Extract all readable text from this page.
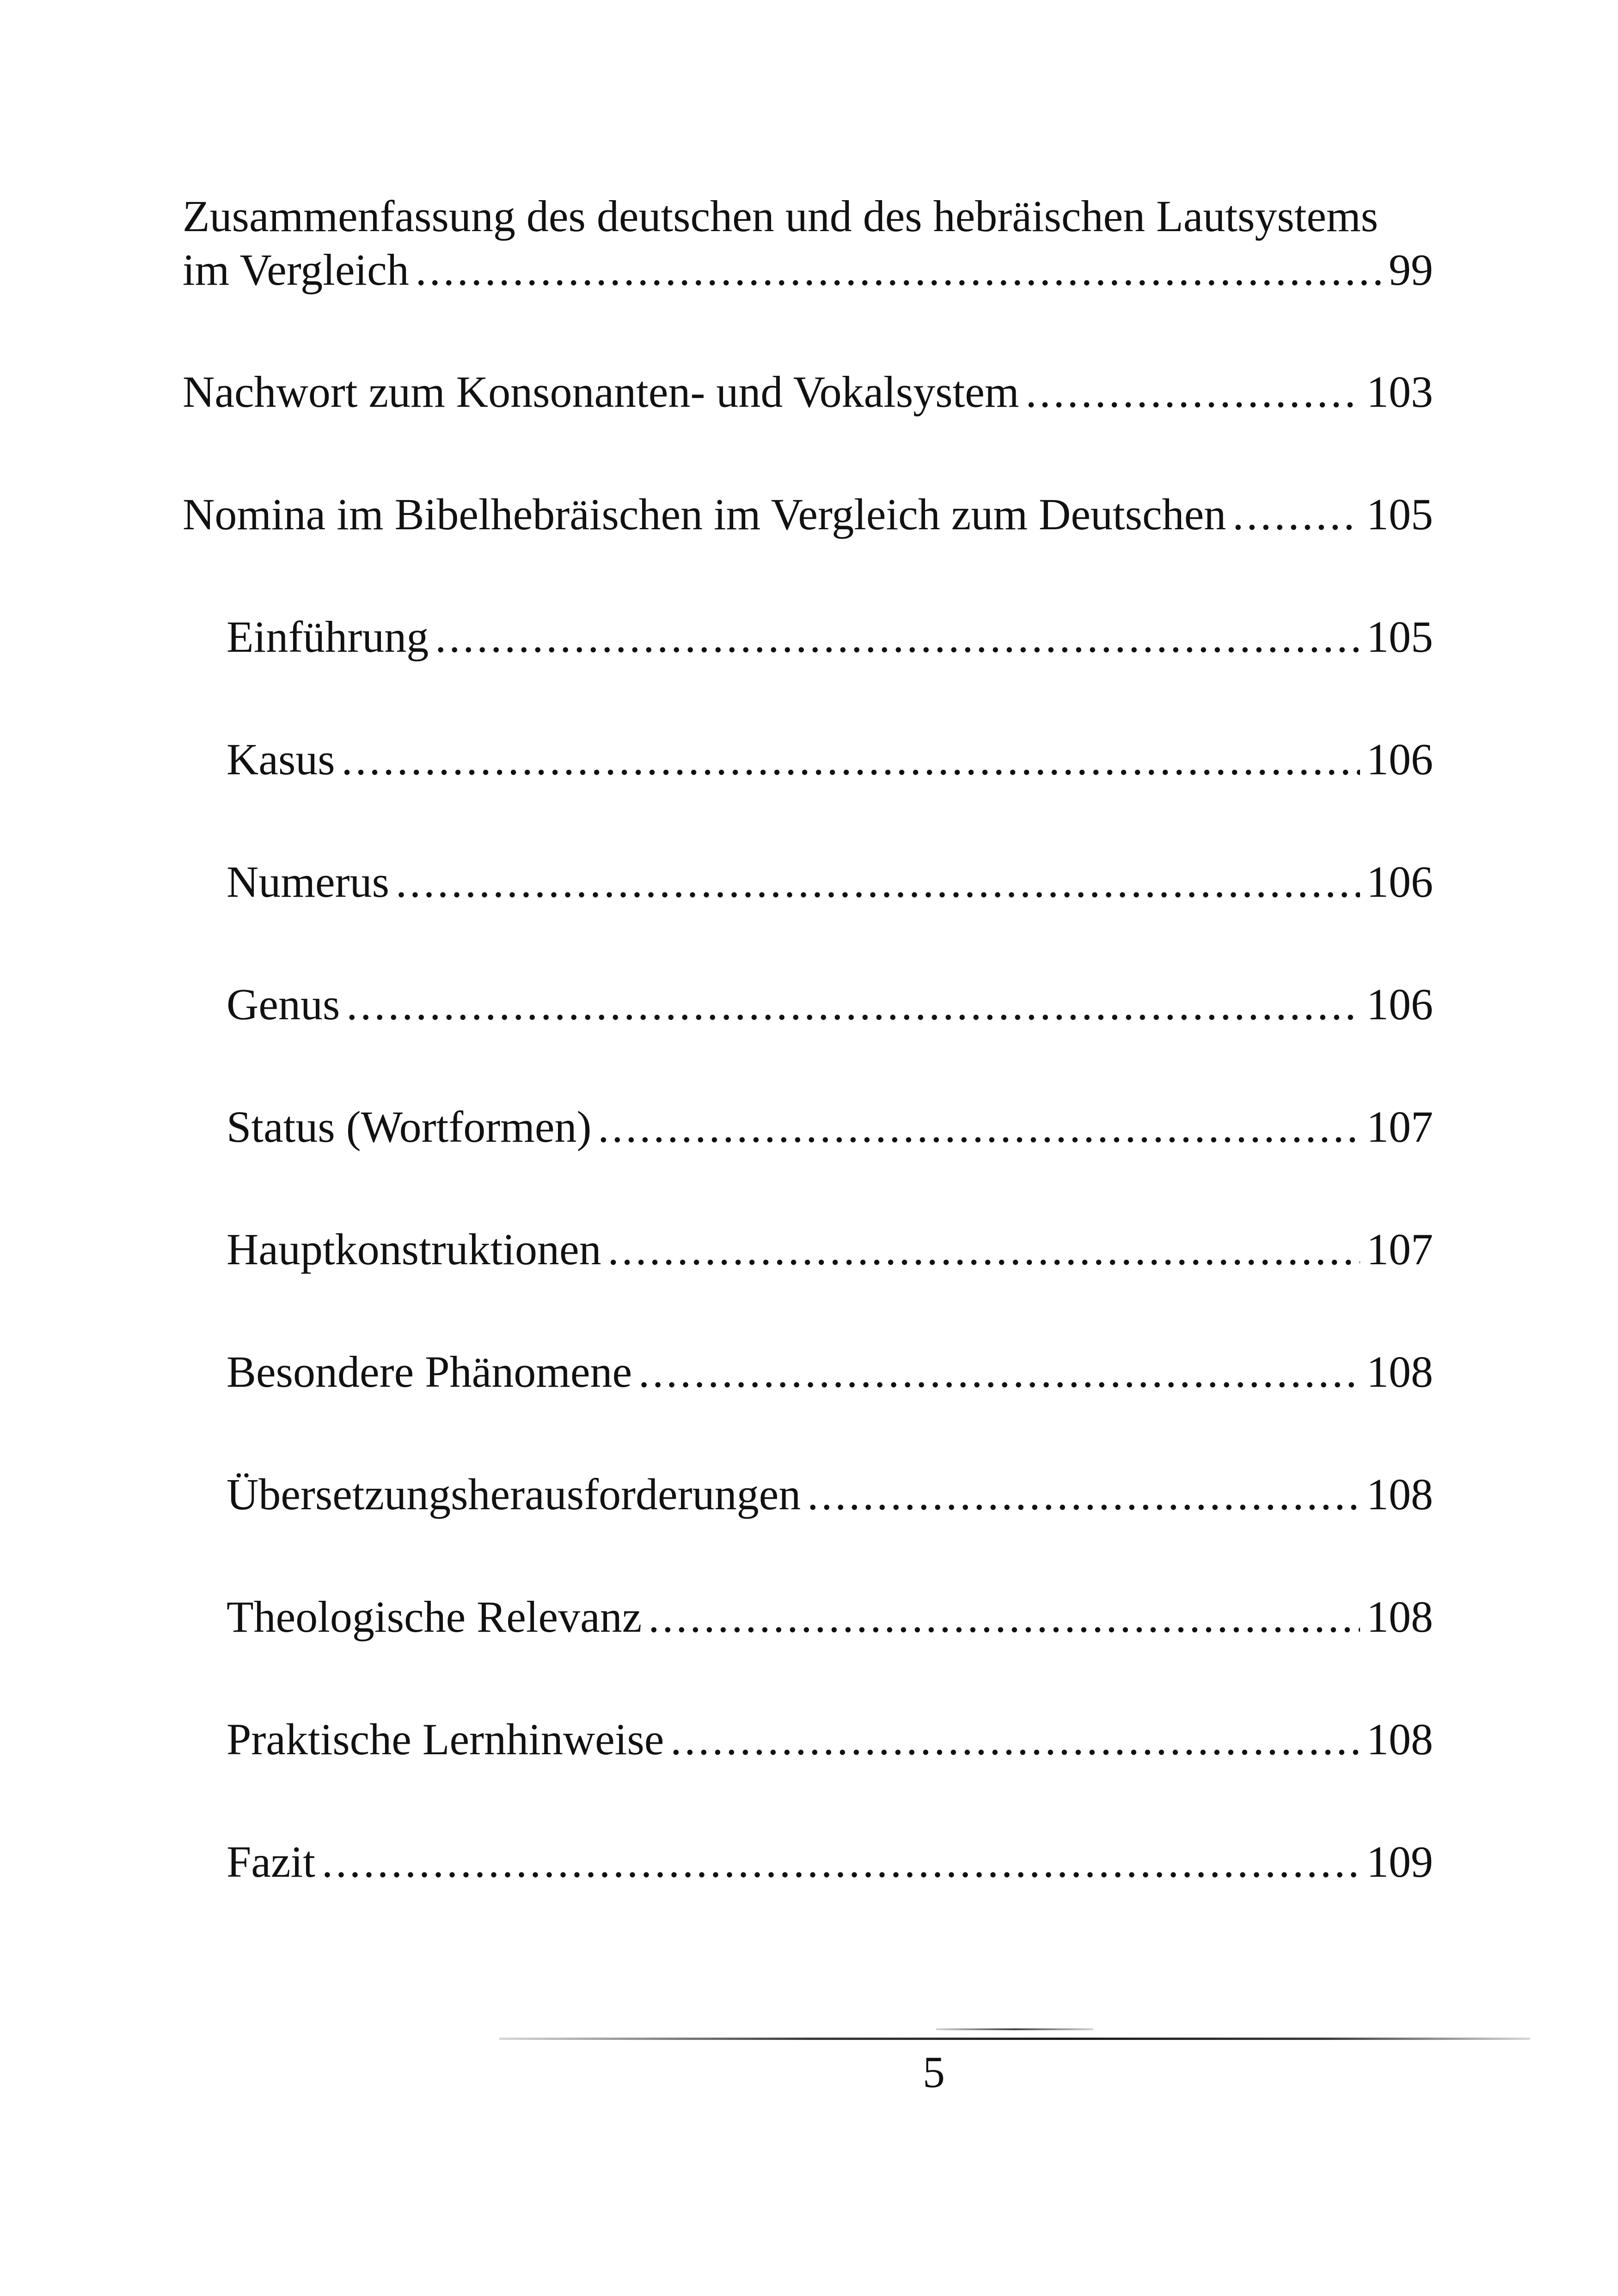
Zusammenfassung des deutschen und des hebräischen Lautsystems
im Vergleich .....	99
Nachwort zum Konsonanten- und Vokalsystem .....	103
Nomina im Bibelhebräischen im Vergleich zum Deutschen .....	105
Einführung .....	105
Kasus .....	106
Numerus .....	106
Genus .....	106
Status (Wortformen) .....	107
Hauptkonstruktionen .....	107
Besondere Phänomene .....	108
Übersetzungsherausforderungen .....	108
Theologische Relevanz .....	108
Praktische Lernhinweise .....	108
Fazit .....	109
5
